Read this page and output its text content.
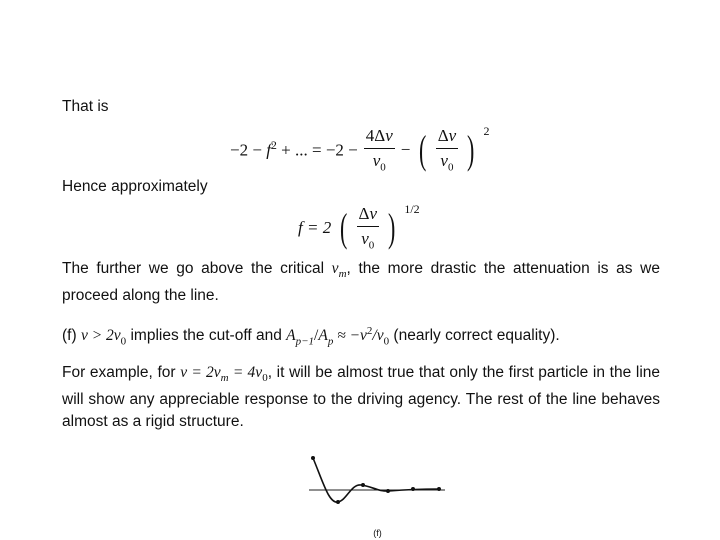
That is
$-2 - f^2$ + ... = $-2 - \frac{4\Delta\nu}{\nu_0}$ − ( $\frac{\Delta\nu}{\nu_0}$ ) 2
Hence approximately
f = 2 ( $\frac{\Delta\nu}{\nu_0}$ ) 1/2
The further we go above the critical $\nu_m$, the more drastic the attenuation is as we proceed along the line.
(f) $\nu > 2\nu_0$ implies the cut-off and $A_{p-1}/A_p \approx -\nu^2/\nu_0$ (nearly correct equality).
For example, for $\nu = 2\nu_m = 4\nu_0$, it will be almost true that only the first particle in the line will show any appreciable response to the driving agency. The rest of the line behaves almost as a rigid structure.
(f)
